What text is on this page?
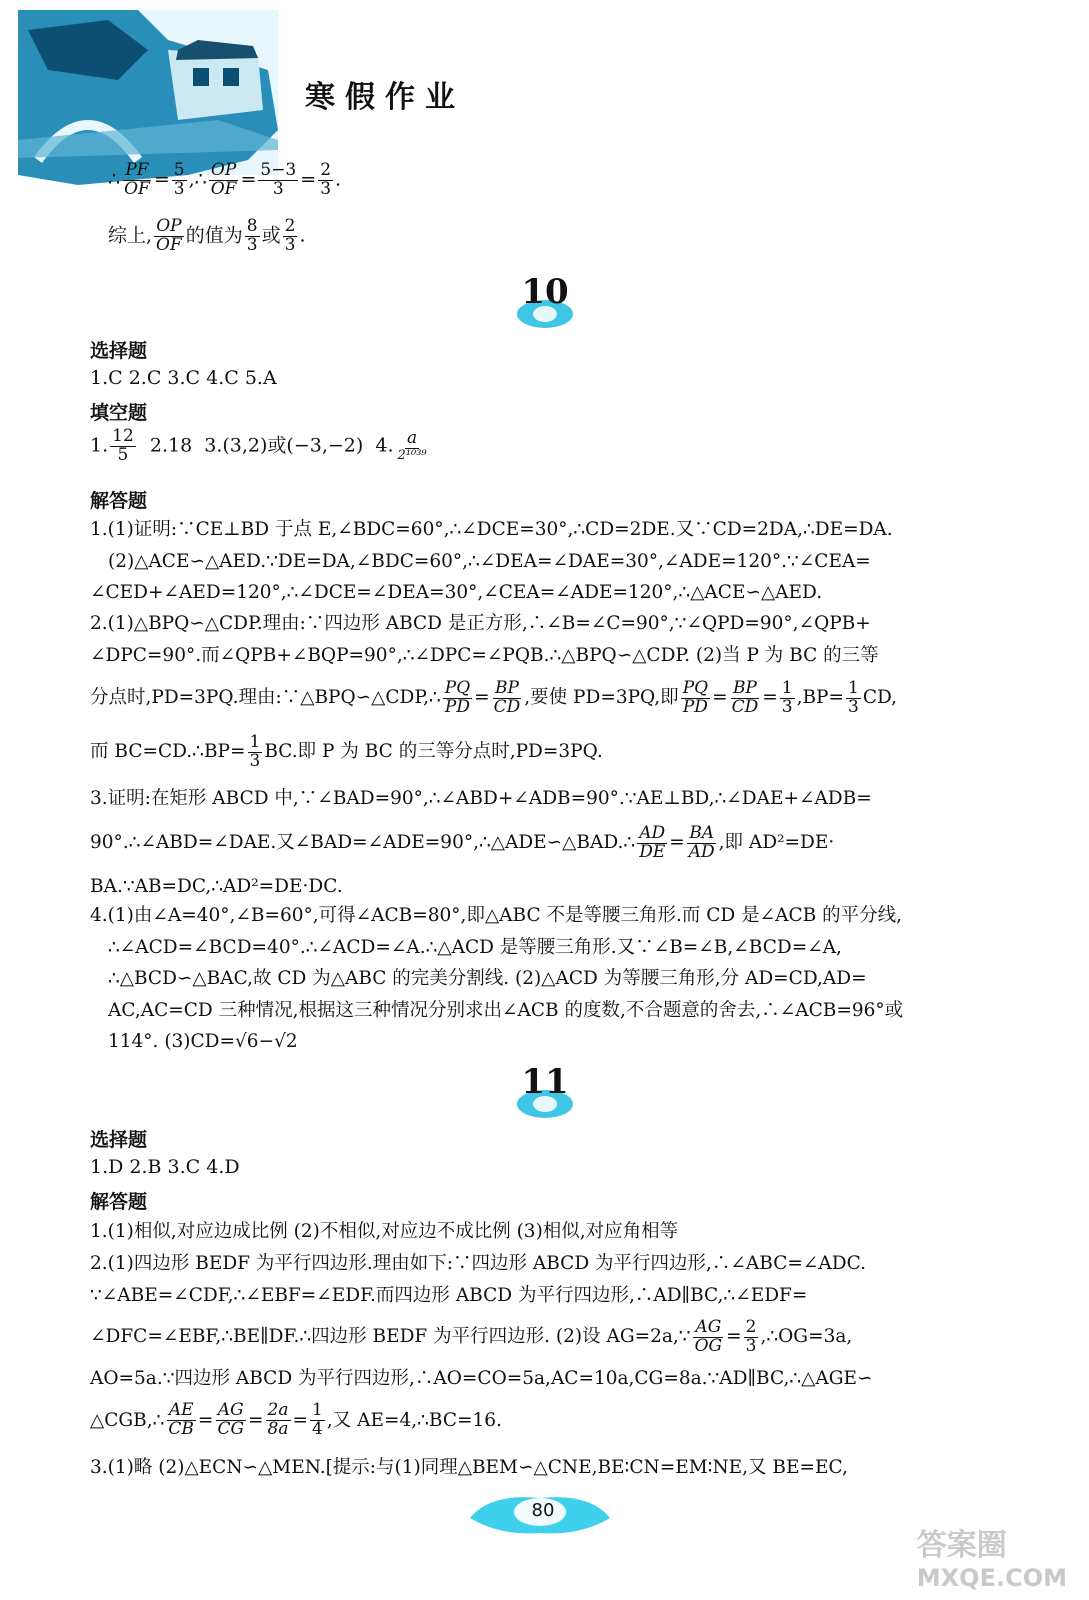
寒假作业
∴ $\frac{PF}{OF} = \frac{5}{3}$ ,∴ $\frac{OP}{OF} = \frac{5-3}{3} = \frac{2}{3}$ .
综上, $\frac{OP}{OF}$ 的值为 $\frac{8}{3}$ 或 $\frac{2}{3}$ .
10
选择题
1.C 2.C 3.C 4.C 5.A
填空题
1. $\frac{12}{5} 2.18$  3.(3,2)或(−3,−2)  4. $\frac{a}{\text{2¹⁰³⁹}}$
解答题
1.(1)证明:∵CE⊥BD 于点 E,∠BDC=60°,∴∠DCE=30°,∴CD=2DE.又∵CD=2DA,∴DE=DA.
(2)△ACE∽△AED.∵DE=DA,∠BDC=60°,∴∠DEA=∠DAE=30°,∠ADE=120°.∵∠CEA=
∠CED+∠AED=120°,∴∠DCE=∠DEA=30°,∠CEA=∠ADE=120°,∴△ACE∽△AED.
2.(1)△BPQ∽△CDP.理由:∵四边形 ABCD 是正方形,∴∠B=∠C=90°,∵∠QPD=90°,∠QPB+
∠DPC=90°.而∠QPB+∠BQP=90°,∴∠DPC=∠PQB.∴△BPQ∽△CDP. (2)当 P 为 BC 的三等
分点时,PD=3PQ.理由:∵△BPQ∽△CDP,∴ $\frac{PQ}{PD} = \frac{BP}{CD}$ ,要使 PD=3PQ,即 $\frac{PQ}{PD} = \frac{BP}{CD} = \frac{1}{3} ,BP= \frac{1}{3}$ CD,
而 BC=CD.∴BP= $\frac{1}{3}$ BC.即 P 为 BC 的三等分点时,PD=3PQ.
3.证明:在矩形 ABCD 中,∵∠BAD=90°,∴∠ABD+∠ADB=90°.∵AE⊥BD,∴∠DAE+∠ADB=
90°.∴∠ABD=∠DAE.又∠BAD=∠ADE=90°,∴△ADE∽△BAD.∴ $\frac{AD}{DE} = \frac{BA}{AD}$ ,即 AD²=DE·
BA.∵AB=DC,∴AD²=DE·DC.
4.(1)由∠A=40°,∠B=60°,可得∠ACB=80°,即△ABC 不是等腰三角形.而 CD 是∠ACB 的平分线,
∴∠ACD=∠BCD=40°.∴∠ACD=∠A.∴△ACD 是等腰三角形.又∵∠B=∠B,∠BCD=∠A,
∴△BCD∽△BAC,故 CD 为△ABC 的完美分割线. (2)△ACD 为等腰三角形,分 AD=CD,AD=
AC,AC=CD 三种情况,根据这三种情况分别求出∠ACB 的度数,不合题意的舍去,∴∠ACB=96°或
114°. (3)CD=√6−√2
11
选择题
1.D 2.B 3.C 4.D
解答题
1.(1)相似,对应边成比例 (2)不相似,对应边不成比例 (3)相似,对应角相等
2.(1)四边形 BEDF 为平行四边形.理由如下:∵四边形 ABCD 为平行四边形,∴∠ABC=∠ADC.
∵∠ABE=∠CDF,∴∠EBF=∠EDF.而四边形 ABCD 为平行四边形,∴AD∥BC,∴∠EDF=
∠DFC=∠EBF,∴BE∥DF.∴四边形 BEDF 为平行四边形. (2)设 AG=2a,∵ $\frac{AG}{OG} = \frac{2}{3}$ ,∴OG=3a,
AO=5a.∵四边形 ABCD 为平行四边形,∴AO=CO=5a,AC=10a,CG=8a.∵AD∥BC,∴△AGE∽
△CGB,∴ $\frac{AE}{CB} = \frac{AG}{CG} = \frac{2a}{8a} = \frac{1}{4}$ ,又 AE=4,∴BC=16.
3.(1)略 (2)△ECN∽△MEN.[提示:与(1)同理△BEM∽△CNE,BE∶CN=EM∶NE,又 BE=EC,
80
答案圈
MXQE.COM
